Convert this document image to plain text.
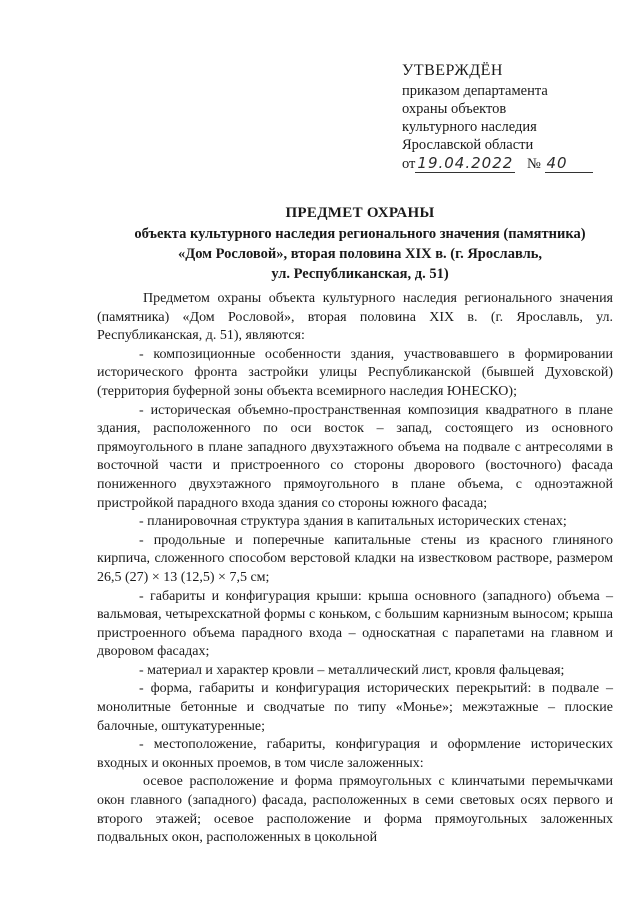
УТВЕРЖДЁН
приказом департамента
охраны объектов
культурного наследия
Ярославской области
от 19.04.2022 № 40
ПРЕДМЕТ ОХРАНЫ
объекта культурного наследия регионального значения (памятника)
«Дом Рословой», вторая половина XIX в. (г. Ярославль,
ул. Республиканская, д. 51)

Предметом охраны объекта культурного наследия регионального значения (памятника) «Дом Рословой», вторая половина XIX в. (г. Ярославль, ул. Республиканская, д. 51), являются:

- композиционные особенности здания, участвовавшего в формировании исторического фронта застройки улицы Республиканской (бывшей Духовской) (территория буферной зоны объекта всемирного наследия ЮНЕСКО);

- историческая объемно-пространственная композиция квадратного в плане здания, расположенного по оси восток – запад, состоящего из основного прямоугольного в плане западного двухэтажного объема на подвале с антресолями в восточной части и пристроенного со стороны дворового (восточного) фасада пониженного двухэтажного прямоугольного в плане объема, с одноэтажной пристройкой парадного входа здания со стороны южного фасада;

- планировочная структура здания в капитальных исторических стенах;

- продольные и поперечные капитальные стены из красного глиняного кирпича, сложенного способом верстовой кладки на известковом растворе, размером 26,5 (27) × 13 (12,5) × 7,5 см;

- габариты и конфигурация крыши: крыша основного (западного) объема – вальмовая, четырехскатной формы с коньком, с большим карнизным выносом; крыша пристроенного объема парадного входа – односкатная с парапетами на главном и дворовом фасадах;

- материал и характер кровли – металлический лист, кровля фальцевая;

- форма, габариты и конфигурация исторических перекрытий: в подвале – монолитные бетонные и сводчатые по типу «Монье»; межэтажные – плоские балочные, оштукатуренные;

- местоположение, габариты, конфигурация и оформление исторических входных и оконных проемов, в том числе заложенных:

осевое расположение и форма прямоугольных с клинчатыми перемычками окон главного (западного) фасада, расположенных в семи световых осях первого и второго этажей; осевое расположение и форма прямоугольных заложенных подвальных окон, расположенных в цокольной
